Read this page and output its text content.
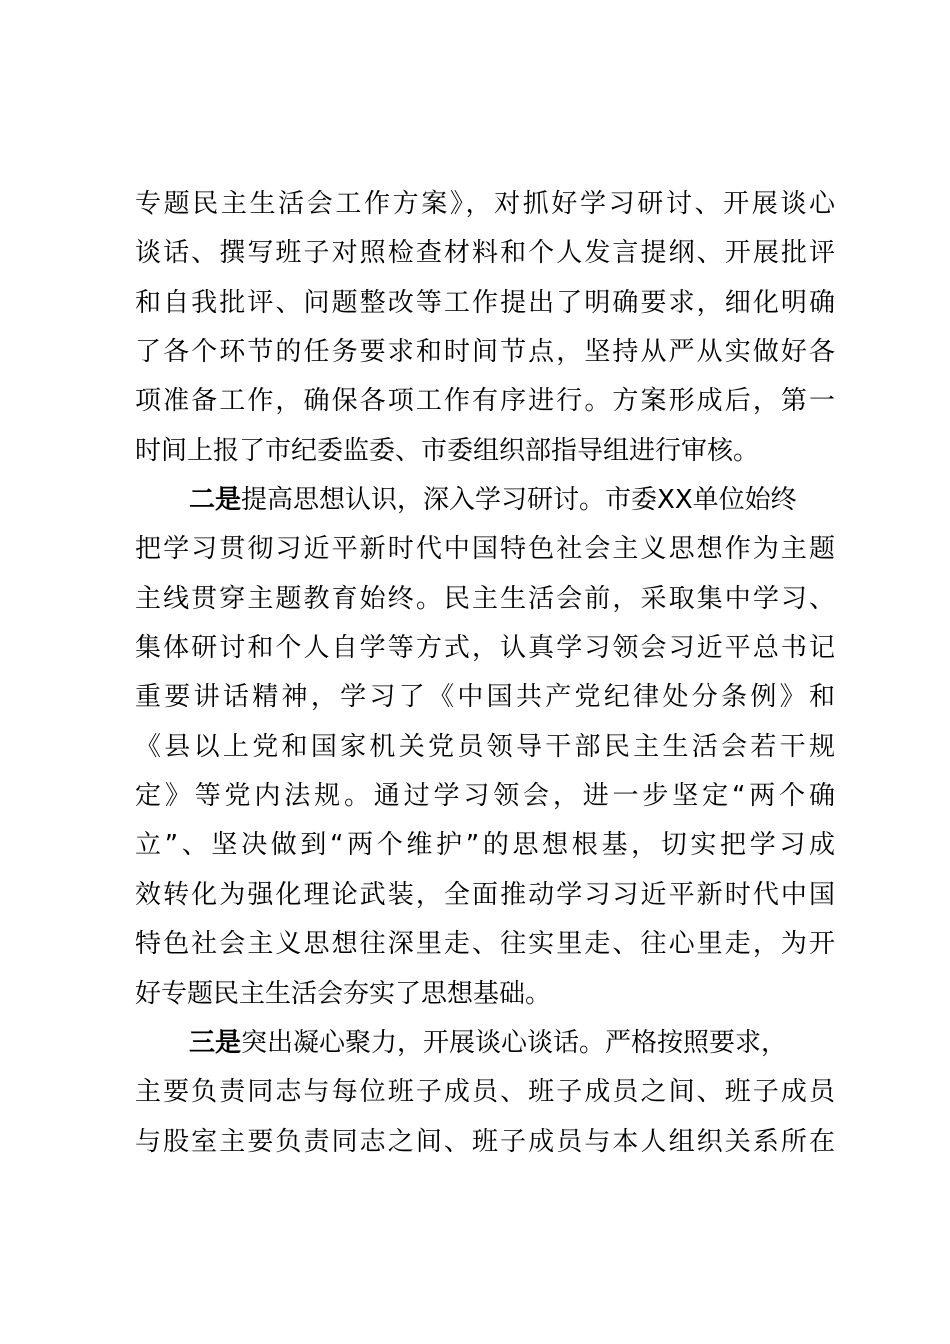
专题民主生活会工作方案》，对抓好学习研讨、开展谈心
谈话、撰写班子对照检查材料和个人发言提纲、开展批评
和自我批评、问题整改等工作提出了明确要求，细化明确
了各个环节的任务要求和时间节点，坚持从严从实做好各
项准备工作，确保各项工作有序进行。方案形成后，第一
时间上报了市纪委监委、市委组织部指导组进行审核。
二是提高思想认识，深入学习研讨。市委XX单位始终
把学习贯彻习近平新时代中国特色社会主义思想作为主题
主线贯穿主题教育始终。民主生活会前，采取集中学习、
集体研讨和个人自学等方式，认真学习领会习近平总书记
重要讲话精神，学习了《中国共产党纪律处分条例》和
《县以上党和国家机关党员领导干部民主生活会若干规
定》等党内法规。通过学习领会，进一步坚定“两个确
立”、坚决做到“两个维护”的思想根基，切实把学习成
效转化为强化理论武装，全面推动学习习近平新时代中国
特色社会主义思想往深里走、往实里走、往心里走，为开
好专题民主生活会夯实了思想基础。
三是突出凝心聚力，开展谈心谈话。严格按照要求，
主要负责同志与每位班子成员、班子成员之间、班子成员
与股室主要负责同志之间、班子成员与本人组织关系所在
